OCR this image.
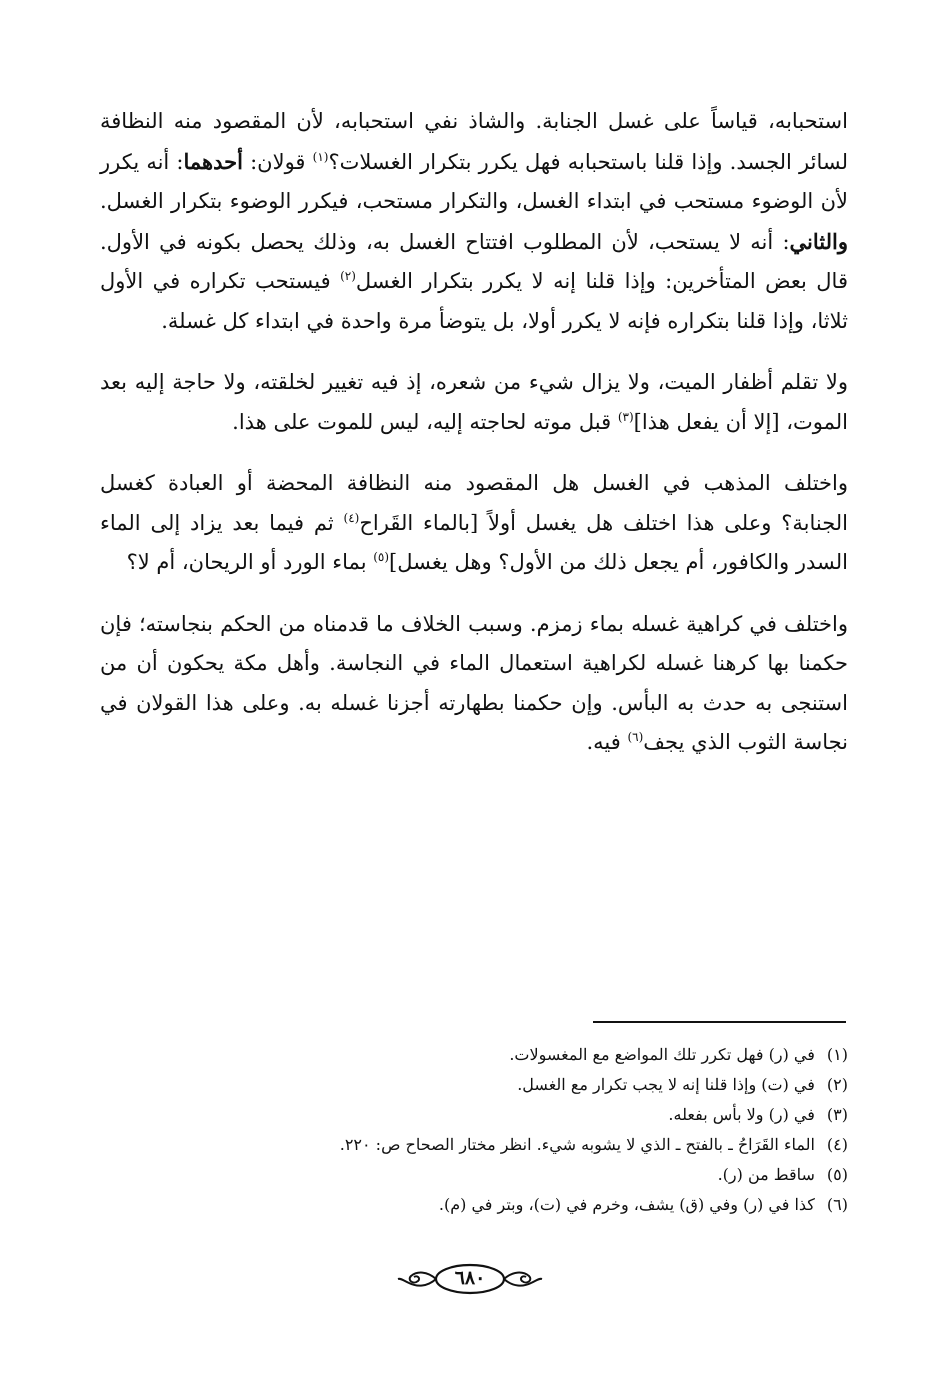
استحبابه، قياساً على غسل الجنابة. والشاذ نفي استحبابه، لأن المقصود منه النظافة لسائر الجسد. وإذا قلنا باستحبابه فهل يكرر بتكرار الغسلات؟$^{(١)}$ قولان: أحدهما: أنه يكرر لأن الوضوء مستحب في ابتداء الغسل، والتكرار مستحب، فيكرر الوضوء بتكرار الغسل. والثاني: أنه لا يستحب، لأن المطلوب افتتاح الغسل به، وذلك يحصل بكونه في الأول. قال بعض المتأخرين: وإذا قلنا إنه لا يكرر بتكرار الغسل$^{(٢)}$ فيستحب تكراره في الأول ثلاثا، وإذا قلنا بتكراره فإنه لا يكرر أولا، بل يتوضأ مرة واحدة في ابتداء كل غسلة.

ولا تقلم أظفار الميت، ولا يزال شيء من شعره، إذ فيه تغيير لخلقته، ولا حاجة إليه بعد الموت، [إلا أن يفعل هذا]$^{(٣)}$ قبل موته لحاجته إليه، ليس للموت على هذا.

واختلف المذهب في الغسل هل المقصود منه النظافة المحضة أو العبادة كغسل الجنابة؟ وعلى هذا اختلف هل يغسل أولاً [بالماء القَراح$^{(٤)}$ ثم فيما بعد يزاد إلى الماء السدر والكافور، أم يجعل ذلك من الأول؟ وهل يغسل]$^{(٥)}$ بماء الورد أو الريحان، أم لا؟

واختلف في كراهية غسله بماء زمزم. وسبب الخلاف ما قدمناه من الحكم بنجاسته؛ فإن حكمنا بها كرهنا غسله لكراهية استعمال الماء في النجاسة. وأهل مكة يحكون أن من استنجى به حدث به البأس. وإن حكمنا بطهارته أجزنا غسله به. وعلى هذا القولان في نجاسة الثوب الذي يجف$^{(٦)}$ فيه.

(١)في (ر) فهل تكرر تلك المواضع مع المغسولات.
(٢)في (ت) وإذا قلنا إنه لا يجب تكرار مع الغسل.
(٣)في (ر) ولا بأس بفعله.
(٤)الماء القَرَاحُ ـ بالفتح ـ الذي لا يشوبه شيء. انظر مختار الصحاح ص: ٢٢٠.
(٥)ساقط من (ر).
(٦)كذا في (ر) وفي (ق) يشف، وخرم في (ت)، وبتر في (م).
٦٨٠
